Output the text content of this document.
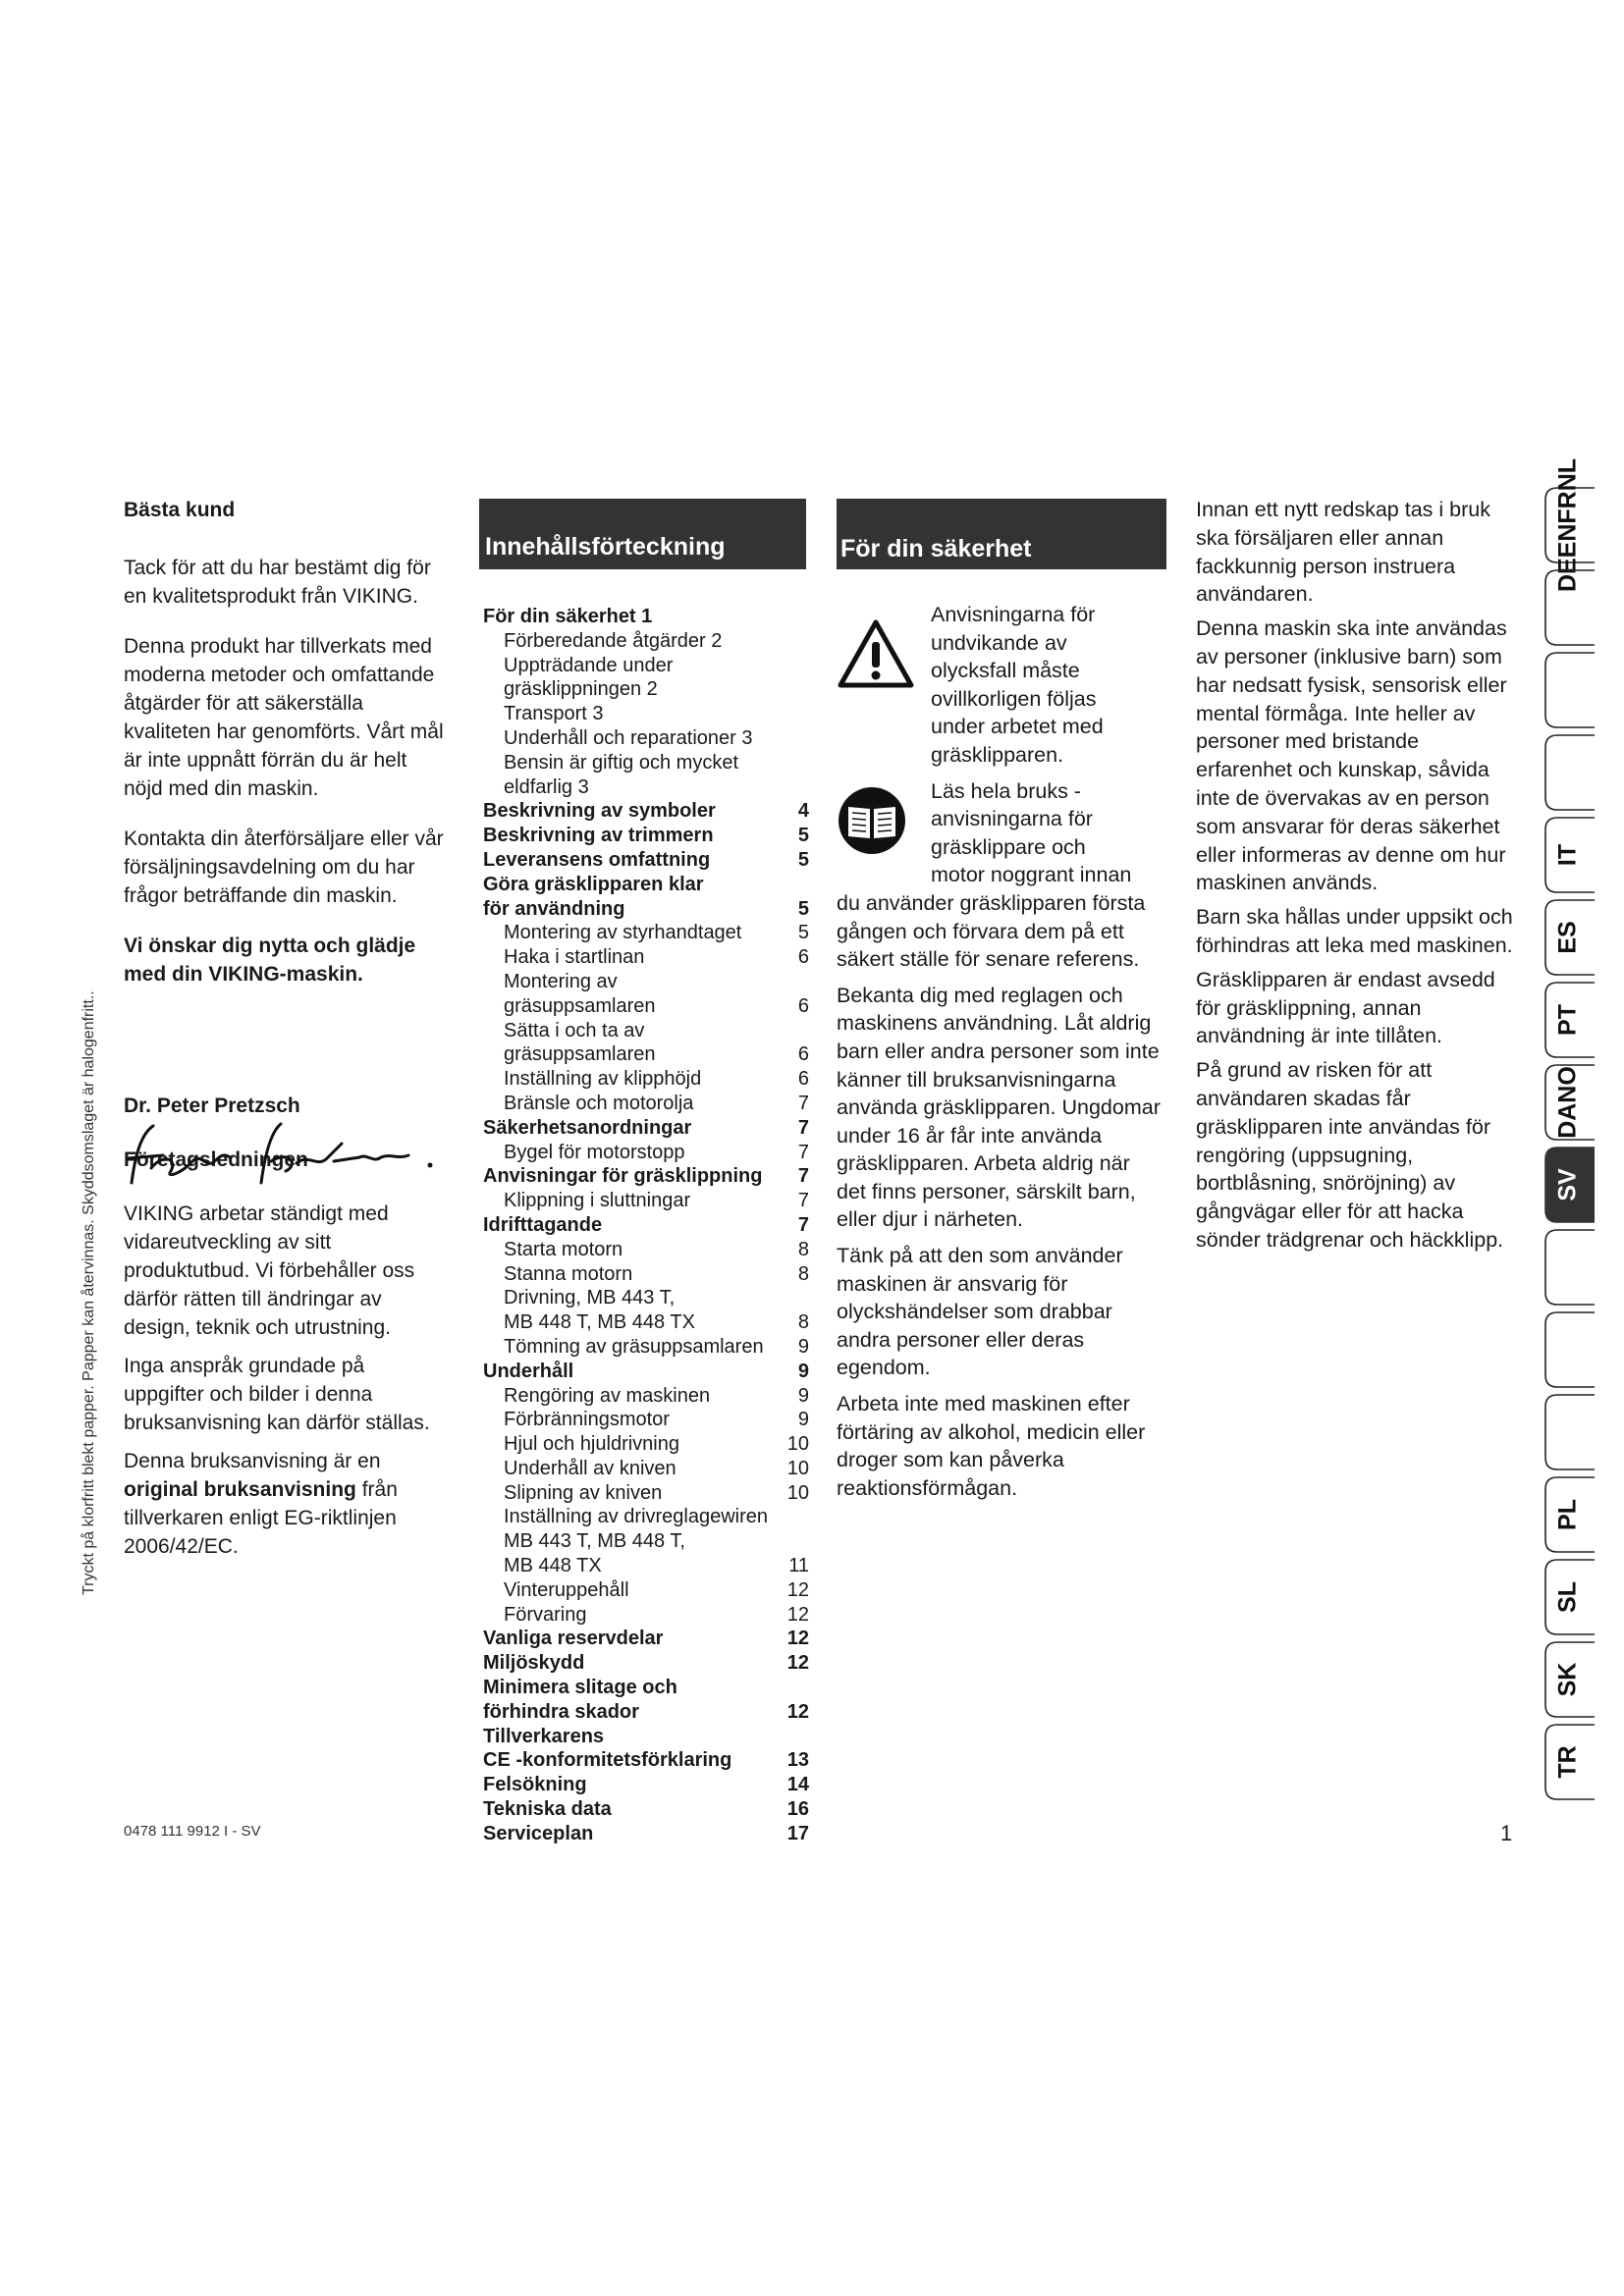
Tryckt på klorfritt blekt papper. Papper kan återvinnas. Skyddsomslaget är halogenfritt..

Bästa kund

Tack för att du har bestämt dig för en kvalitetsprodukt från VIKING.

Denna produkt har tillverkats med moderna metoder och omfattande åtgärder för att säkerställa kvaliteten har genomförts. Vårt mål är inte uppnått förrän du är helt nöjd med din maskin.

Kontakta din återförsäljare eller vår försäljningsavdelning om du har frågor beträffande din maskin.

Vi önskar dig nytta och glädje med din VIKING-maskin.

Dr. Peter Pretzsch

Företagsledningen

VIKING arbetar ständigt med vidareutveckling av sitt produktutbud. Vi förbehåller oss därför rätten till ändringar av design, teknik och utrustning.

Inga anspråk grundade på uppgifter och bilder i denna bruksanvisning kan därför ställas.

Denna bruksanvisning är en original bruksanvisning från tillverkaren enligt EG-riktlinjen 2006/42/EC.

Innehållsförteckning
För din säkerhet 1
Förberedande åtgärder 2
Uppträdande under
gräsklippningen 2
Transport 3
Underhåll och reparationer 3
Bensin är giftig och mycket
eldfarlig 3
Beskrivning av symboler	4
Beskrivning av trimmern	5
Leveransens omfattning	5
Göra gräsklipparen klar
för användning	5
Montering av styrhandtaget	5
Haka i startlinan	6
Montering av
gräsuppsamlaren	6
Sätta i och ta av
gräsuppsamlaren	6
Inställning av klipphöjd	6
Bränsle och motorolja	7
Säkerhetsanordningar	7
Bygel för motorstopp	7
Anvisningar för gräsklippning	7
Klippning i sluttningar	7
Idrifttagande	7
Starta motorn	8
Stanna motorn	8
Drivning, MB 443 T,
MB 448 T, MB 448 TX	8
Tömning av gräsuppsamlaren	9
Underhåll	9
Rengöring av maskinen	9
Förbränningsmotor	9
Hjul och hjuldrivning	10
Underhåll av kniven	10
Slipning av kniven	10
Inställning av drivreglagewiren
MB 443 T, MB 448 T,
MB 448 TX	11
Vinteruppehåll	12
Förvaring	12
Vanliga reservdelar	12
Miljöskydd	12
Minimera slitage och
förhindra skador	12
Tillverkarens
CE -konformitetsförklaring	13
Felsökning	14
Tekniska data	16
Serviceplan	17
För din säkerhet
Anvisningarna för
undvikande av
olycksfall måste
ovillkorligen följas
under arbetet med
gräsklipparen.
Läs hela bruks -
anvisningarna för
gräsklippare och
motor noggrant innan

du använder gräsklipparen första gången och förvara dem på ett säkert ställe för senare referens.

Bekanta dig med reglagen och maskinens användning. Låt aldrig barn eller andra personer som inte känner till bruksanvisningarna använda gräsklipparen. Ungdomar under 16 år får inte använda gräsklipparen. Arbeta aldrig när det finns personer, särskilt barn, eller djur i närheten.

Tänk på att den som använder maskinen är ansvarig för olyckshändelser som drabbar andra personer eller deras egendom.

Arbeta inte med maskinen efter förtäring av alkohol, medicin eller droger som kan påverka reaktionsförmågan.

Innan ett nytt redskap tas i bruk ska försäljaren eller annan fackkunnig person instruera användaren.

Denna maskin ska inte användas av personer (inklusive barn) som har nedsatt fysisk, sensorisk eller mental förmåga. Inte heller av personer med bristande erfarenhet och kunskap, såvida inte de övervakas av en person som ansvarar för deras säkerhet eller informeras av denne om hur maskinen används.

Barn ska hållas under uppsikt och förhindras att leka med maskinen.

Gräsklipparen är endast avsedd för gräsklippning, annan användning är inte tillåten.

På grund av risken för att användaren skadas får gräsklipparen inte användas för rengöring (uppsugning, bortblåsning, snöröjning) av gångvägar eller för att hacka sönder trädgrenar och häckklipp.

DEENFRNL
IT
ES
PT
DANO
SV
PL
SL
SK
TR
0478 111 9912 I - SV	1
